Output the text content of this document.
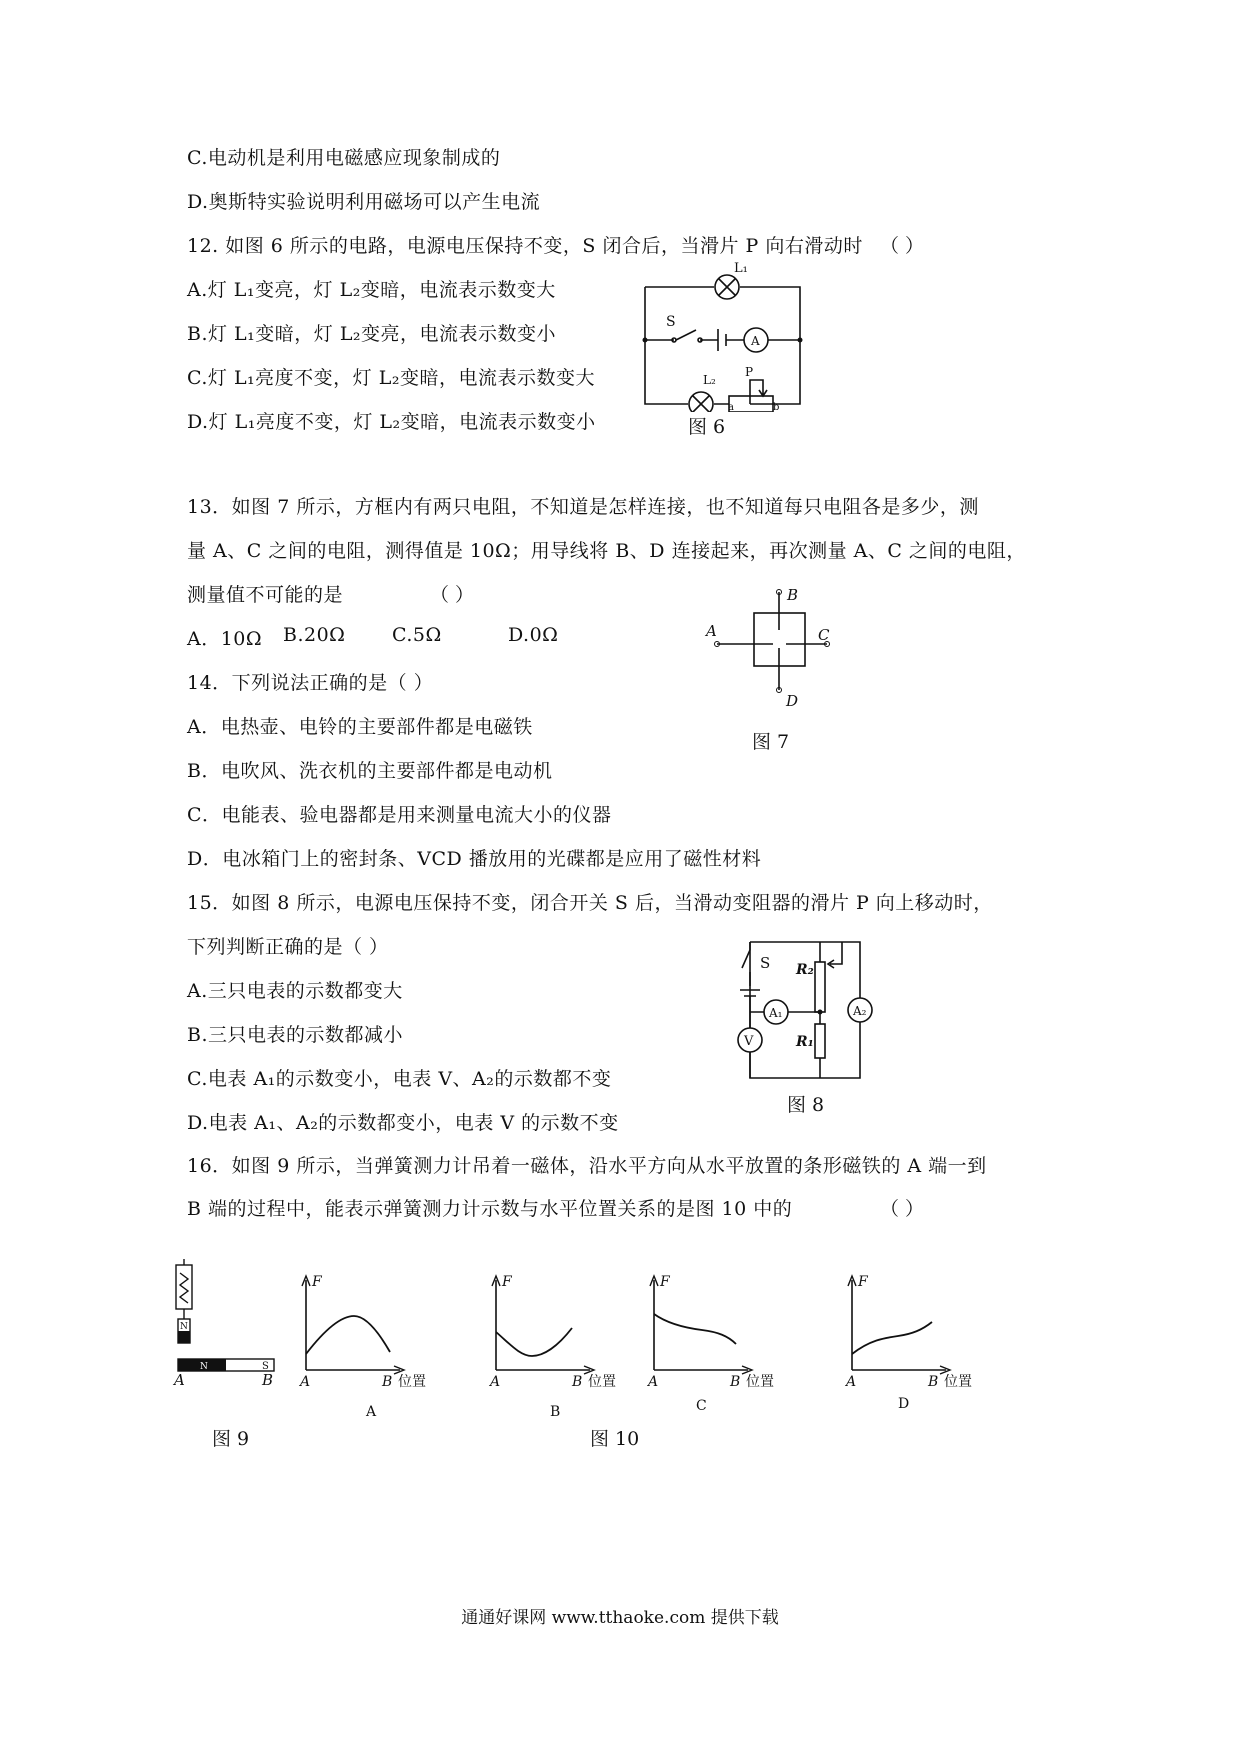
C.电动机是利用电磁感应现象制成的
D.奥斯特实验说明利用磁场可以产生电流
12. 如图 6 所示的电路，电源电压保持不变，S 闭合后，当滑片 P 向右滑动时 （ ）
A.灯 L₁变亮，灯 L₂变暗，电流表示数变大
B.灯 L₁变暗，灯 L₂变亮，电流表示数变小
C.灯 L₁亮度不变，灯 L₂变暗，电流表示数变大
D.灯 L₁亮度不变，灯 L₂变暗，电流表示数变小
L₁
S
A
L₂
P
a	b
图 6
13．如图 7 所示，方框内有两只电阻，不知道是怎样连接，也不知道每只电阻各是多少，测
量 A、C 之间的电阻，测得值是 10Ω；用导线将 B、D 连接起来，再次测量 A、C 之间的电阻，
测量值不可能的是	（ ）
A．10Ω B.20Ω C.5Ω	D.0Ω
B
A	C
D
图 7
14．下列说法正确的是（ ）
A．电热壶、电铃的主要部件都是电磁铁
B．电吹风、洗衣机的主要部件都是电动机
C．电能表、验电器都是用来测量电流大小的仪器
D．电冰箱门上的密封条、VCD 播放用的光碟都是应用了磁性材料
15．如图 8 所示，电源电压保持不变，闭合开关 S 后，当滑动变阻器的滑片 P 向上移动时，
下列判断正确的是（ ）
A.三只电表的示数都变大
B.三只电表的示数都减小
C.电表 A₁的示数变小，电表 V、A₂的示数都不变
D.电表 A₁、A₂的示数都变小，电表 V 的示数不变
S R₂
R₁
A₁
V
A₂
图 8
16．如图 9 所示，当弹簧测力计吊着一磁体，沿水平方向从水平放置的条形磁铁的 A 端一到
B 端的过程中，能表示弹簧测力计示数与水平位置关系的是图 10 中的	（ ）
N
S
N
A	B
图 9
F
A	B 位置
A
F
A	B 位置
B
F
A	B 位置
C
F
A	B 位置
D
图 10
通通好课网 www.tthaoke.com 提供下载
